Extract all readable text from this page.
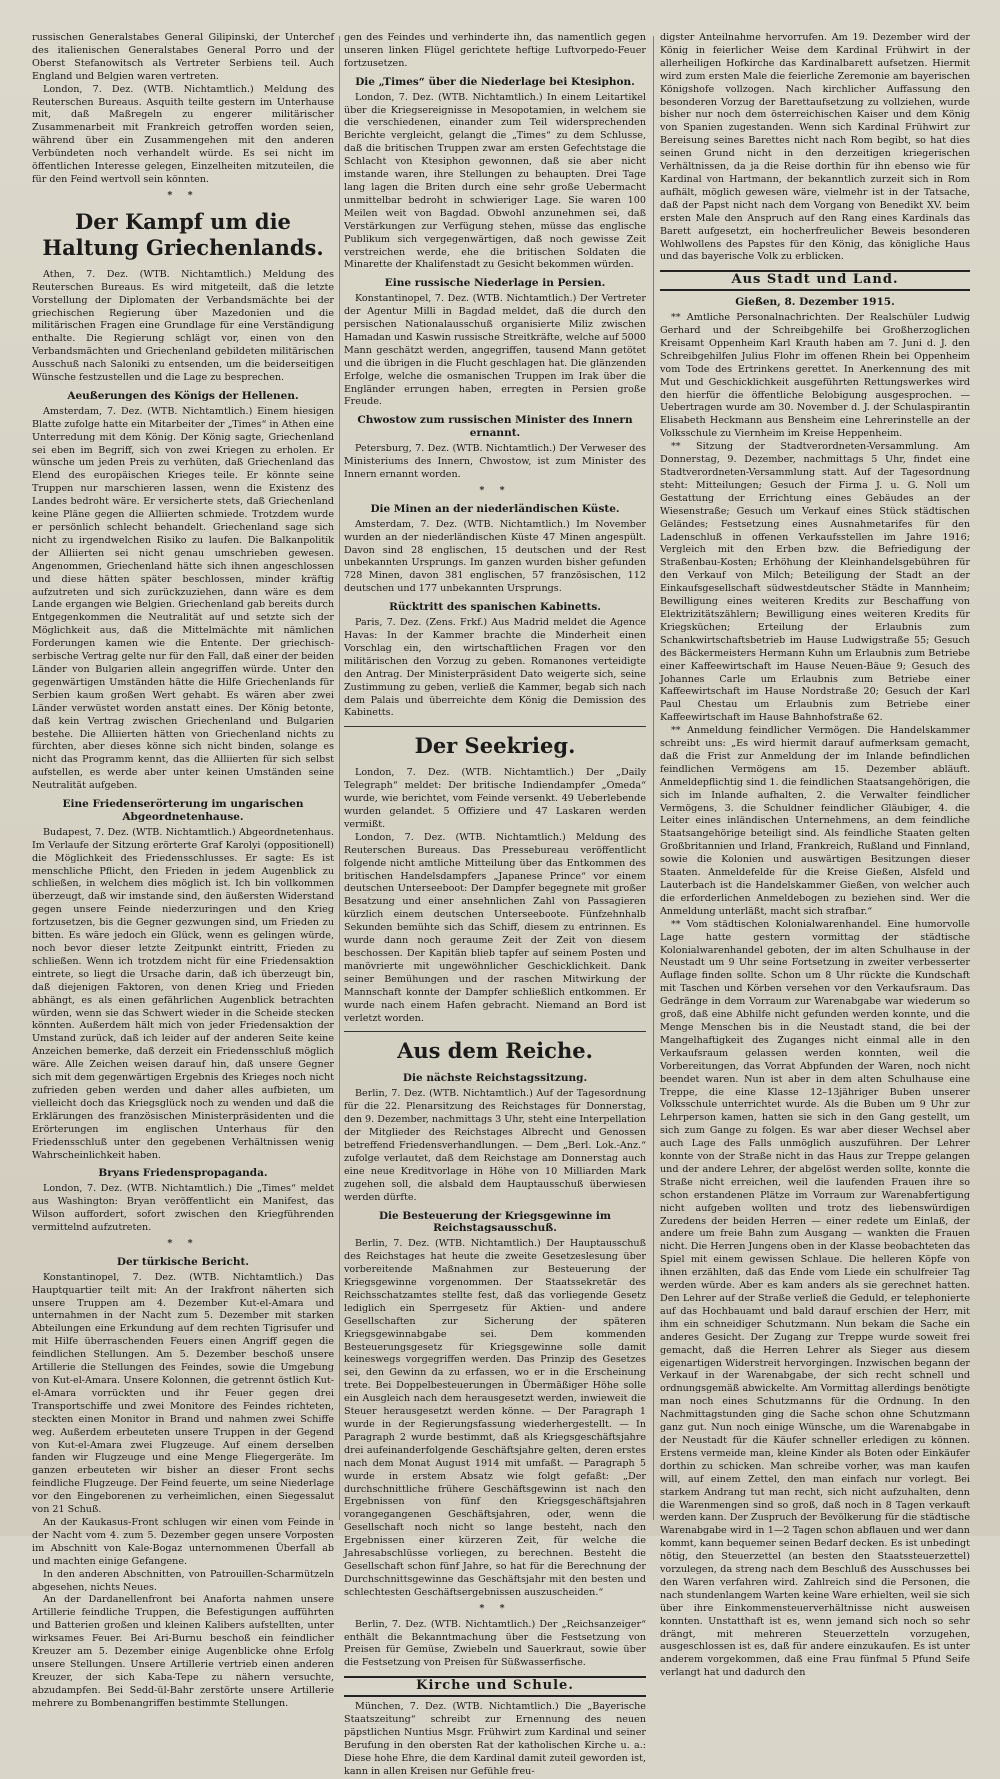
russischen Generalstabes General Gilipinski, der Unterchef des italienischen Generalstabes General Porro und der Oberst Stefanowitsch als Vertreter Serbiens teil. Auch England und Belgien waren vertreten.

London, 7. Dez. (WTB. Nichtamtlich.) Meldung des Reuterschen Bureaus. Asquith teilte gestern im Unterhause mit, daß Maßregeln zu engerer militärischer Zusammenarbeit mit Frankreich getroffen worden seien, während über ein Zusammengehen mit den anderen Verbündeten noch verhandelt würde. Es sei nicht im öffentlichen Interesse gelegen, Einzelheiten mitzuteilen, die für den Feind wertvoll sein könnten.

* *
Der Kampf um die Haltung Griechenlands.

Athen, 7. Dez. (WTB. Nichtamtlich.) Meldung des Reuterschen Bureaus. Es wird mitgeteilt, daß die letzte Vorstellung der Diplomaten der Verbandsmächte bei der griechischen Regierung über Mazedonien und die militärischen Fragen eine Grundlage für eine Verständigung enthalte. Die Regierung schlägt vor, einen von den Verbandsmächten und Griechenland gebildeten militärischen Ausschuß nach Saloniki zu entsenden, um die beiderseitigen Wünsche festzustellen und die Lage zu besprechen.

Aeußerungen des Königs der Hellenen.

Amsterdam, 7. Dez. (WTB. Nichtamtlich.) Einem hiesigen Blatte zufolge hatte ein Mitarbeiter der „Times“ in Athen eine Unterredung mit dem König. Der König sagte, Griechenland sei eben im Begriff, sich von zwei Kriegen zu erholen. Er wünsche um jeden Preis zu verhüten, daß Griechenland das Elend des europäischen Krieges teile. Er könnte seine Truppen nur marschieren lassen, wenn die Existenz des Landes bedroht wäre. Er versicherte stets, daß Griechenland keine Pläne gegen die Alliierten schmiede. Trotzdem wurde er persönlich schlecht behandelt. Griechenland sage sich nicht zu irgendwelchen Risiko zu laufen. Die Balkanpolitik der Alliierten sei nicht genau umschrieben gewesen. Angenommen, Griechenland hätte sich ihnen angeschlossen und diese hätten später beschlossen, minder kräftig aufzutreten und sich zurückzuziehen, dann wäre es dem Lande ergangen wie Belgien. Griechenland gab bereits durch Entgegenkommen die Neutralität auf und setzte sich der Möglichkeit aus, daß die Mittelmächte mit nämlichen Forderungen kamen wie die Entente. Der griechisch-serbische Vertrag gelte nur für den Fall, daß einer der beiden Länder von Bulgarien allein angegriffen würde. Unter den gegenwärtigen Umständen hätte die Hilfe Griechenlands für Serbien kaum großen Wert gehabt. Es wären aber zwei Länder verwüstet worden anstatt eines. Der König betonte, daß kein Vertrag zwischen Griechenland und Bulgarien bestehe. Die Alliierten hätten von Griechenland nichts zu fürchten, aber dieses könne sich nicht binden, solange es nicht das Programm kennt, das die Alliierten für sich selbst aufstellen, es werde aber unter keinen Umständen seine Neutralität aufgeben.

Eine Friedenserörterung im ungarischen Abgeordnetenhause.

Budapest, 7. Dez. (WTB. Nichtamtlich.) Abgeordnetenhaus. Im Verlaufe der Sitzung erörterte Graf Karolyi (oppositionell) die Möglichkeit des Friedensschlusses. Er sagte: Es ist menschliche Pflicht, den Frieden in jedem Augenblick zu schließen, in welchem dies möglich ist. Ich bin vollkommen überzeugt, daß wir imstande sind, den äußersten Widerstand gegen unsere Feinde niederzuringen und den Krieg fortzusetzen, bis die Gegner gezwungen sind, um Frieden zu bitten. Es wäre jedoch ein Glück, wenn es gelingen würde, noch bevor dieser letzte Zeitpunkt eintritt, Frieden zu schließen. Wenn ich trotzdem nicht für eine Friedensaktion eintrete, so liegt die Ursache darin, daß ich überzeugt bin, daß diejenigen Faktoren, von denen Krieg und Frieden abhängt, es als einen gefährlichen Augenblick betrachten würden, wenn sie das Schwert wieder in die Scheide stecken könnten. Außerdem hält mich von jeder Friedensaktion der Umstand zurück, daß ich leider auf der anderen Seite keine Anzeichen bemerke, daß derzeit ein Friedensschluß möglich wäre. Alle Zeichen weisen darauf hin, daß unsere Gegner sich mit dem gegenwärtigen Ergebnis des Krieges noch nicht zufrieden geben werden und daher alles aufbieten, um vielleicht doch das Kriegsglück noch zu wenden und daß die Erklärungen des französischen Ministerpräsidenten und die Erörterungen im englischen Unterhaus für den Friedensschluß unter den gegebenen Verhältnissen wenig Wahrscheinlichkeit haben.

Bryans Friedenspropaganda.

London, 7. Dez. (WTB. Nichtamtlich.) Die „Times“ meldet aus Washington: Bryan veröffentlicht ein Manifest, das Wilson auffordert, sofort zwischen den Kriegführenden vermittelnd aufzutreten.

* *
Der türkische Bericht.

Konstantinopel, 7. Dez. (WTB. Nichtamtlich.) Das Hauptquartier teilt mit: An der Irakfront näherten sich unsere Truppen am 4. Dezember Kut-el-Amara und unternahmen in der Nacht zum 5. Dezember mit starken Abteilungen eine Erkundung auf dem rechten Tigrisufer und mit Hilfe überraschenden Feuers einen Angriff gegen die feindlichen Stellungen. Am 5. Dezember beschoß unsere Artillerie die Stellungen des Feindes, sowie die Umgebung von Kut-el-Amara. Unsere Kolonnen, die getrennt östlich Kut-el-Amara vorrückten und ihr Feuer gegen drei Transportschiffe und zwei Monitore des Feindes richteten, steckten einen Monitor in Brand und nahmen zwei Schiffe weg. Außerdem erbeuteten unsere Truppen in der Gegend von Kut-el-Amara zwei Flugzeuge. Auf einem derselben fanden wir Flugzeuge und eine Menge Fliegergeräte. Im ganzen erbeuteten wir bisher an dieser Front sechs feindliche Flugzeuge. Der Feind feuerte, um seine Niederlage vor den Eingeborenen zu verheimlichen, einen Siegessalut von 21 Schuß.

An der Kaukasus-Front schlugen wir einen vom Feinde in der Nacht vom 4. zum 5. Dezember gegen unsere Vorposten im Abschnitt von Kale-Bogaz unternommenen Überfall ab und machten einige Gefangene.

In den anderen Abschnitten, von Patrouillen-Scharmützeln abgesehen, nichts Neues.

An der Dardanellenfront bei Anaforta nahmen unsere Artillerie feindliche Truppen, die Befestigungen aufführten und Batterien großen und kleinen Kalibers aufstellten, unter wirksames Feuer. Bei Ari-Burnu beschoß ein feindlicher Kreuzer am 5. Dezember einige Augenblicke ohne Erfolg unsere Stellungen. Unsere Artillerie vertrieb einen anderen Kreuzer, der sich Kaba-Tepe zu nähern versuchte, abzudampfen. Bei Sedd-ül-Bahr zerstörte unsere Artillerie mehrere zu Bombenangriffen bestimmte Stellungen.

gen des Feindes und verhinderte ihn, das namentlich gegen unseren linken Flügel gerichtete heftige Luftvorpedo-Feuer fortzusetzen.

Die „Times“ über die Niederlage bei Ktesiphon.

London, 7. Dez. (WTB. Nichtamtlich.) In einem Leitartikel über die Kriegsereignisse in Mesopotamien, in welchem sie die verschiedenen, einander zum Teil widersprechenden Berichte vergleicht, gelangt die „Times“ zu dem Schlusse, daß die britischen Truppen zwar am ersten Gefechtstage die Schlacht von Ktesiphon gewonnen, daß sie aber nicht imstande waren, ihre Stellungen zu behaupten. Drei Tage lang lagen die Briten durch eine sehr große Uebermacht unmittelbar bedroht in schwieriger Lage. Sie waren 100 Meilen weit von Bagdad. Obwohl anzunehmen sei, daß Verstärkungen zur Verfügung stehen, müsse das englische Publikum sich vergegenwärtigen, daß noch gewisse Zeit verstreichen werde, ehe die britischen Soldaten die Minarette der Khalifenstadt zu Gesicht bekommen würden.

Eine russische Niederlage in Persien.

Konstantinopel, 7. Dez. (WTB. Nichtamtlich.) Der Vertreter der Agentur Milli in Bagdad meldet, daß die durch den persischen Nationalausschuß organisierte Miliz zwischen Hamadan und Kaswin russische Streitkräfte, welche auf 5000 Mann geschätzt werden, angegriffen, tausend Mann getötet und die übrigen in die Flucht geschlagen hat. Die glänzenden Erfolge, welche die osmanischen Truppen im Irak über die Engländer errungen haben, erregten in Persien große Freude.

Chwostow zum russischen Minister des Innern ernannt.

Petersburg, 7. Dez. (WTB. Nichtamtlich.) Der Verweser des Ministeriums des Innern, Chwostow, ist zum Minister des Innern ernannt worden.

* *
Die Minen an der niederländischen Küste.

Amsterdam, 7. Dez. (WTB. Nichtamtlich.) Im November wurden an der niederländischen Küste 47 Minen angespült. Davon sind 28 englischen, 15 deutschen und der Rest unbekannten Ursprungs. Im ganzen wurden bisher gefunden 728 Minen, davon 381 englischen, 57 französischen, 112 deutschen und 177 unbekannten Ursprungs.

Rücktritt des spanischen Kabinetts.

Paris, 7. Dez. (Zens. Frkf.) Aus Madrid meldet die Agence Havas: In der Kammer brachte die Minderheit einen Vorschlag ein, den wirtschaftlichen Fragen vor den militärischen den Vorzug zu geben. Romanones verteidigte den Antrag. Der Ministerpräsident Dato weigerte sich, seine Zustimmung zu geben, verließ die Kammer, begab sich nach dem Palais und überreichte dem König die Demission des Kabinetts.

Der Seekrieg.

London, 7. Dez. (WTB. Nichtamtlich.) Der „Daily Telegraph“ meldet: Der britische Indiendampfer „Omeda“ wurde, wie berichtet, vom Feinde versenkt. 49 Ueberlebende wurden gelandet. 5 Offiziere und 47 Laskaren werden vermißt.

London, 7. Dez. (WTB. Nichtamtlich.) Meldung des Reuterschen Bureaus. Das Pressebureau veröffentlicht folgende nicht amtliche Mitteilung über das Entkommen des britischen Handelsdampfers „Japanese Prince“ vor einem deutschen Unterseeboot: Der Dampfer begegnete mit großer Besatzung und einer ansehnlichen Zahl von Passagieren kürzlich einem deutschen Unterseeboote. Fünfzehnhalb Sekunden bemühte sich das Schiff, diesem zu entrinnen. Es wurde dann noch geraume Zeit der Zeit von diesem beschossen. Der Kapitän blieb tapfer auf seinem Posten und manövrierte mit ungewöhnlicher Geschicklichkeit. Dank seiner Bemühungen und der raschen Mitwirkung der Mannschaft konnte der Dampfer schließlich entkommen. Er wurde nach einem Hafen gebracht. Niemand an Bord ist verletzt worden.

Aus dem Reiche.
Die nächste Reichstagssitzung.

Berlin, 7. Dez. (WTB. Nichtamtlich.) Auf der Tagesordnung für die 22. Plenarsitzung des Reichstages für Donnerstag, den 9. Dezember, nachmittags 3 Uhr, steht eine Interpellation der Mitglieder des Reichstages Albrecht und Genossen betreffend Friedensverhandlungen. — Dem „Berl. Lok.-Anz.“ zufolge verlautet, daß dem Reichstage am Donnerstag auch eine neue Kreditvorlage in Höhe von 10 Milliarden Mark zugehen soll, die alsbald dem Hauptausschuß überwiesen werden dürfte.

Die Besteuerung der Kriegsgewinne im Reichstagsausschuß.

Berlin, 7. Dez. (WTB. Nichtamtlich.) Der Hauptausschuß des Reichstages hat heute die zweite Gesetzeslesung über vorbereitende Maßnahmen zur Besteuerung der Kriegsgewinne vorgenommen. Der Staatssekretär des Reichsschatzamtes stellte fest, daß das vorliegende Gesetz lediglich ein Sperrgesetz für Aktien- und andere Gesellschaften zur Sicherung der späteren Kriegsgewinnabgabe sei. Dem kommenden Besteuerungsgesetz für Kriegsgewinne solle damit keineswegs vorgegriffen werden. Das Prinzip des Gesetzes sei, den Gewinn da zu erfassen, wo er in die Erscheinung trete. Bei Doppelbesteuerungen in Übermäßiger Höhe solle ein Ausgleich nach dem herausgesetzt werden, inwieweit die Steuer herausgesetzt werden könne. — Der Paragraph 1 wurde in der Regierungsfassung wiederhergestellt. — In Paragraph 2 wurde bestimmt, daß als Kriegsgeschäftsjahre drei aufeinanderfolgende Geschäftsjahre gelten, deren erstes nach dem Monat August 1914 mit umfaßt. — Paragraph 5 wurde in erstem Absatz wie folgt gefaßt: „Der durchschnittliche frühere Geschäftsgewinn ist nach den Ergebnissen von fünf den Kriegsgeschäftsjahren vorangegangenen Geschäftsjahren, oder, wenn die Gesellschaft noch nicht so lange besteht, nach den Ergebnissen einer kürzeren Zeit, für welche die Jahresabschlüsse vorliegen, zu berechnen. Besteht die Gesellschaft schon fünf Jahre, so hat für die Berechnung der Durchschnittsgewinne das Geschäftsjahr mit den besten und schlechtesten Geschäftsergebnissen auszuscheiden.“

* *

Berlin, 7. Dez. (WTB. Nichtamtlich.) Der „Reichsanzeiger“ enthält die Bekanntmachung über die Festsetzung von Preisen für Gemüse, Zwiebeln und Sauerkraut, sowie über die Festsetzung von Preisen für Süßwasserfische.

Kirche und Schule.

München, 7. Dez. (WTB. Nichtamtlich.) Die „Bayerische Staatszeitung“ schreibt zur Ernennung des neuen päpstlichen Nuntius Msgr. Frühwirt zum Kardinal und seiner Berufung in den obersten Rat der katholischen Kirche u. a.: Diese hohe Ehre, die dem Kardinal damit zuteil geworden ist, kann in allen Kreisen nur Gefühle freu-

digster Anteilnahme hervorrufen. Am 19. Dezember wird der König in feierlicher Weise dem Kardinal Frühwirt in der allerheiligen Hofkirche das Kardinalbarett aufsetzen. Hiermit wird zum ersten Male die feierliche Zeremonie am bayerischen Königshofe vollzogen. Nach kirchlicher Auffassung den besonderen Vorzug der Barettaufsetzung zu vollziehen, wurde bisher nur noch dem österreichischen Kaiser und dem König von Spanien zugestanden. Wenn sich Kardinal Frühwirt zur Bereisung seines Barettes nicht nach Rom begibt, so hat dies seinen Grund nicht in den derzeitigen kriegerischen Verhältnissen, da ja die Reise dorthin für ihn ebenso wie für Kardinal von Hartmann, der bekanntlich zurzeit sich in Rom aufhält, möglich gewesen wäre, vielmehr ist in der Tatsache, daß der Papst nicht nach dem Vorgang von Benedikt XV. beim ersten Male den Anspruch auf den Rang eines Kardinals das Barett aufgesetzt, ein hocherfreulicher Beweis besonderen Wohlwollens des Papstes für den König, das königliche Haus und das bayerische Volk zu erblicken.

Aus Stadt und Land.
Gießen, 8. Dezember 1915.

** Amtliche Personalnachrichten. Der Realschüler Ludwig Gerhard und der Schreibgehilfe bei Großherzoglichen Kreisamt Oppenheim Karl Krauth haben am 7. Juni d. J. den Schreibgehilfen Julius Flohr im offenen Rhein bei Oppenheim vom Tode des Ertrinkens gerettet. In Anerkennung des mit Mut und Geschicklichkeit ausgeführten Rettungswerkes wird den hierfür die öffentliche Belobigung ausgesprochen. — Uebertragen wurde am 30. November d. J. der Schulaspirantin Elisabeth Heckmann aus Bensheim eine Lehrerinstelle an der Volksschule zu Viernheim im Kreise Heppenheim.

** Sitzung der Stadtverordneten-Versammlung. Am Donnerstag, 9. Dezember, nachmittags 5 Uhr, findet eine Stadtverordneten-Versammlung statt. Auf der Tagesordnung steht: Mitteilungen; Gesuch der Firma J. u. G. Noll um Gestattung der Errichtung eines Gebäudes an der Wiesenstraße; Gesuch um Verkauf eines Stück städtischen Geländes; Festsetzung eines Ausnahmetarifes für den Ladenschluß in offenen Verkaufsstellen im Jahre 1916; Vergleich mit den Erben bzw. die Befriedigung der Straßenbau-Kosten; Erhöhung der Kleinhandelsgebühren für den Verkauf von Milch; Beteiligung der Stadt an der Einkaufsgesellschaft südwestdeutscher Städte in Mannheim; Bewilligung eines weiteren Kredits zur Beschaffung von Elektrizitätszählern; Bewilligung eines weiteren Kredits für Kriegsküchen; Erteilung der Erlaubnis zum Schankwirtschaftsbetrieb im Hause Ludwigstraße 55; Gesuch des Bäckermeisters Hermann Kuhn um Erlaubnis zum Betriebe einer Kaffeewirtschaft im Hause Neuen-Bäue 9; Gesuch des Johannes Carle um Erlaubnis zum Betriebe einer Kaffeewirtschaft im Hause Nordstraße 20; Gesuch der Karl Paul Chestau um Erlaubnis zum Betriebe einer Kaffeewirtschaft im Hause Bahnhofstraße 62.

** Anmeldung feindlicher Vermögen. Die Handelskammer schreibt uns: „Es wird hiermit darauf aufmerksam gemacht, daß die Frist zur Anmeldung der im Inlande befindlichen feindlichen Vermögens am 15. Dezember abläuft. Anmeldepflichtig sind 1. die feindlichen Staatsangehörigen, die sich im Inlande aufhalten, 2. die Verwalter feindlicher Vermögens, 3. die Schuldner feindlicher Gläubiger, 4. die Leiter eines inländischen Unternehmens, an dem feindliche Staatsangehörige beteiligt sind. Als feindliche Staaten gelten Großbritannien und Irland, Frankreich, Rußland und Finnland, sowie die Kolonien und auswärtigen Besitzungen dieser Staaten. Anmeldefelde für die Kreise Gießen, Alsfeld und Lauterbach ist die Handelskammer Gießen, von welcher auch die erforderlichen Anmeldebogen zu beziehen sind. Wer die Anmeldung unterläßt, macht sich strafbar.“

** Vom städtischen Kolonialwarenhandel. Eine humorvolle Lage hatte gestern vormittag der städtische Kolonialwarenhandel geboten, der im alten Schulhause in der Neustadt um 9 Uhr seine Fortsetzung in zweiter verbesserter Auflage finden sollte. Schon um 8 Uhr rückte die Kundschaft mit Taschen und Körben versehen vor den Verkaufsraum. Das Gedränge in dem Vorraum zur Warenabgabe war wiederum so groß, daß eine Abhilfe nicht gefunden werden konnte, und die Menge Menschen bis in die Neustadt stand, die bei der Mangelhaftigkeit des Zuganges nicht einmal alle in den Verkaufsraum gelassen werden konnten, weil die Vorbereitungen, das Vorrat Abpfunden der Waren, noch nicht beendet waren. Nun ist aber in dem alten Schulhause eine Treppe, die eine Klasse 12–13jähriger Buben unserer Volksschule unterrichtet wurde. Als die Buben um 9 Uhr zur Lehrperson kamen, hatten sie sich in den Gang gestellt, um sich zum Gange zu folgen. Es war aber dieser Wechsel aber auch Lage des Falls unmöglich auszuführen. Der Lehrer konnte von der Straße nicht in das Haus zur Treppe gelangen und der andere Lehrer, der abgelöst werden sollte, konnte die Straße nicht erreichen, weil die laufenden Frauen ihre so schon erstandenen Plätze im Vorraum zur Warenabfertigung nicht aufgeben wollten und trotz des liebenswürdigen Zuredens der beiden Herren — einer redete um Einlaß, der andere um freie Bahn zum Ausgang — wankten die Frauen nicht. Die Herren Jungens oben in der Klasse beobachteten das Spiel mit einem gewissen Schlaue. Die helleren Köpfe von ihnen erzählten, daß das Ende vom Liede ein schulfreier Tag werden würde. Aber es kam anders als sie gerechnet hatten. Den Lehrer auf der Straße verließ die Geduld, er telephonierte auf das Hochbauamt und bald darauf erschien der Herr, mit ihm ein schneidiger Schutzmann. Nun bekam die Sache ein anderes Gesicht. Der Zugang zur Treppe wurde soweit frei gemacht, daß die Herren Lehrer als Sieger aus diesem eigenartigen Widerstreit hervorgingen. Inzwischen begann der Verkauf in der Warenabgabe, der sich recht schnell und ordnungsgemäß abwickelte. Am Vormittag allerdings benötigte man noch eines Schutzmanns für die Ordnung. In den Nachmittagstunden ging die Sache schon ohne Schutzmann ganz gut. Nun noch einige Wünsche, um die Warenabgabe in der Neustadt für die Käufer schneller erledigen zu können. Erstens vermeide man, kleine Kinder als Boten oder Einkäufer dorthin zu schicken. Man schreibe vorher, was man kaufen will, auf einem Zettel, den man einfach nur vorlegt. Bei starkem Andrang tut man recht, sich nicht aufzuhalten, denn die Warenmengen sind so groß, daß noch in 8 Tagen verkauft werden kann. Der Zuspruch der Bevölkerung für die städtische Warenabgabe wird in 1—2 Tagen schon abflauen und wer dann kommt, kann bequemer seinen Bedarf decken. Es ist unbedingt nötig, den Steuerzettel (an besten den Staatssteuerzettel) vorzulegen, da streng nach dem Beschluß des Ausschusses bei den Waren verfahren wird. Zahlreich sind die Personen, die nach stundenlangem Warten keine Ware erhielten, weil sie sich über ihre Einkommensteuerverhältnisse nicht ausweisen konnten. Unstatthaft ist es, wenn jemand sich noch so sehr drängt, mit mehreren Steuerzetteln vorzugehen, ausgeschlossen ist es, daß für andere einzukaufen. Es ist unter anderem vorgekommen, daß eine Frau fünfmal 5 Pfund Seife verlangt hat und dadurch den
